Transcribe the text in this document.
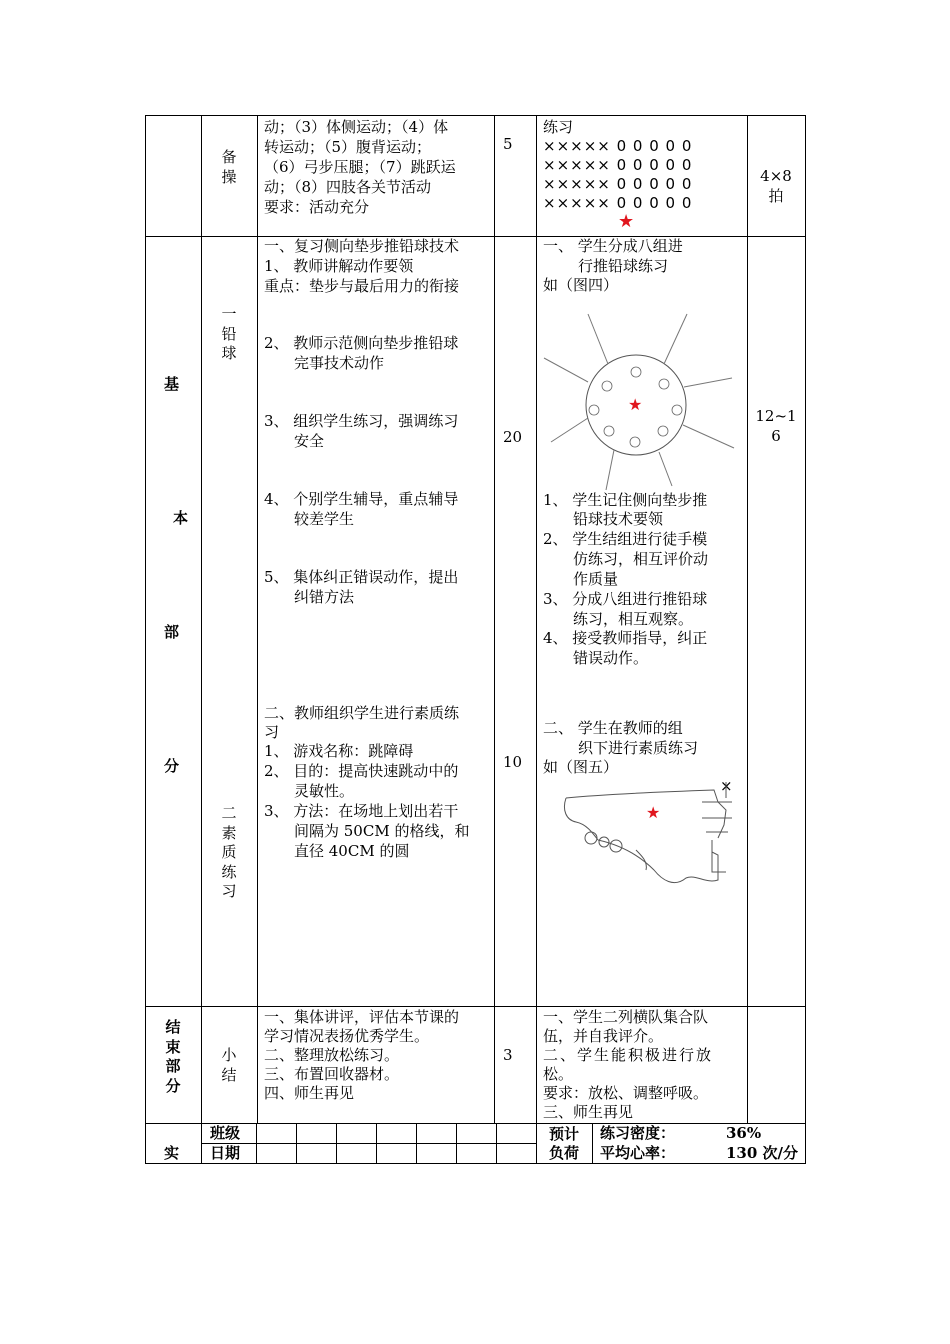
备
操
动；（3）体侧运动；（4）体
转运动；（5）腹背运动；
（6）弓步压腿；（7）跳跃运
动；（8）四肢各关节活动
要求：活动充分
5
练习
××××× 0 0 0 0 0
××××× 0 0 0 0 0
××××× 0 0 0 0 0
××××× 0 0 0 0 0
★
4×8
拍
基
本
部
分
一
铅
球
二
素
质
练
习
一、复习侧向垫步推铅球技术
1、 教师讲解动作要领
重点：垫步与最后用力的衔接
2、 教师示范侧向垫步推铅球
完事技术动作
3、 组织学生练习，强调练习
安全
4、 个别学生辅导，重点辅导
较差学生
5、 集体纠正错误动作，提出
纠错方法
二、教师组织学生进行素质练
习
1、 游戏名称：跳障碍
2、 目的：提高快速跳动中的
灵敏性。
3、 方法：在场地上划出若干
间隔为 50CM 的格线，和
直径 40CM 的圆
20
10
一、 学生分成八组进
行推铅球练习
如（图四）
★
1、 学生记住侧向垫步推
铅球技术要领
2、 学生结组进行徒手模
仿练习，相互评价动
作质量
3、 分成八组进行推铅球
练习，相互观察。
4、 接受教师指导，纠正
错误动作。
二、 学生在教师的组
织下进行素质练习
如（图五）
×
★
12~1
6
结
束
部
分
小
结
一、集体讲评，评估本节课的
学习情况表扬优秀学生。
二、整理放松练习。
三、布置回收器材。
四、师生再见
3
一、学生二列横队集合队
伍，并自我评介。
二、学生能积极进行放
松。
要求：放松、调整呼吸。
三、师生再见
实
班级
日期
预计
负荷
练习密度：	36%
平均心率：	130 次/分
